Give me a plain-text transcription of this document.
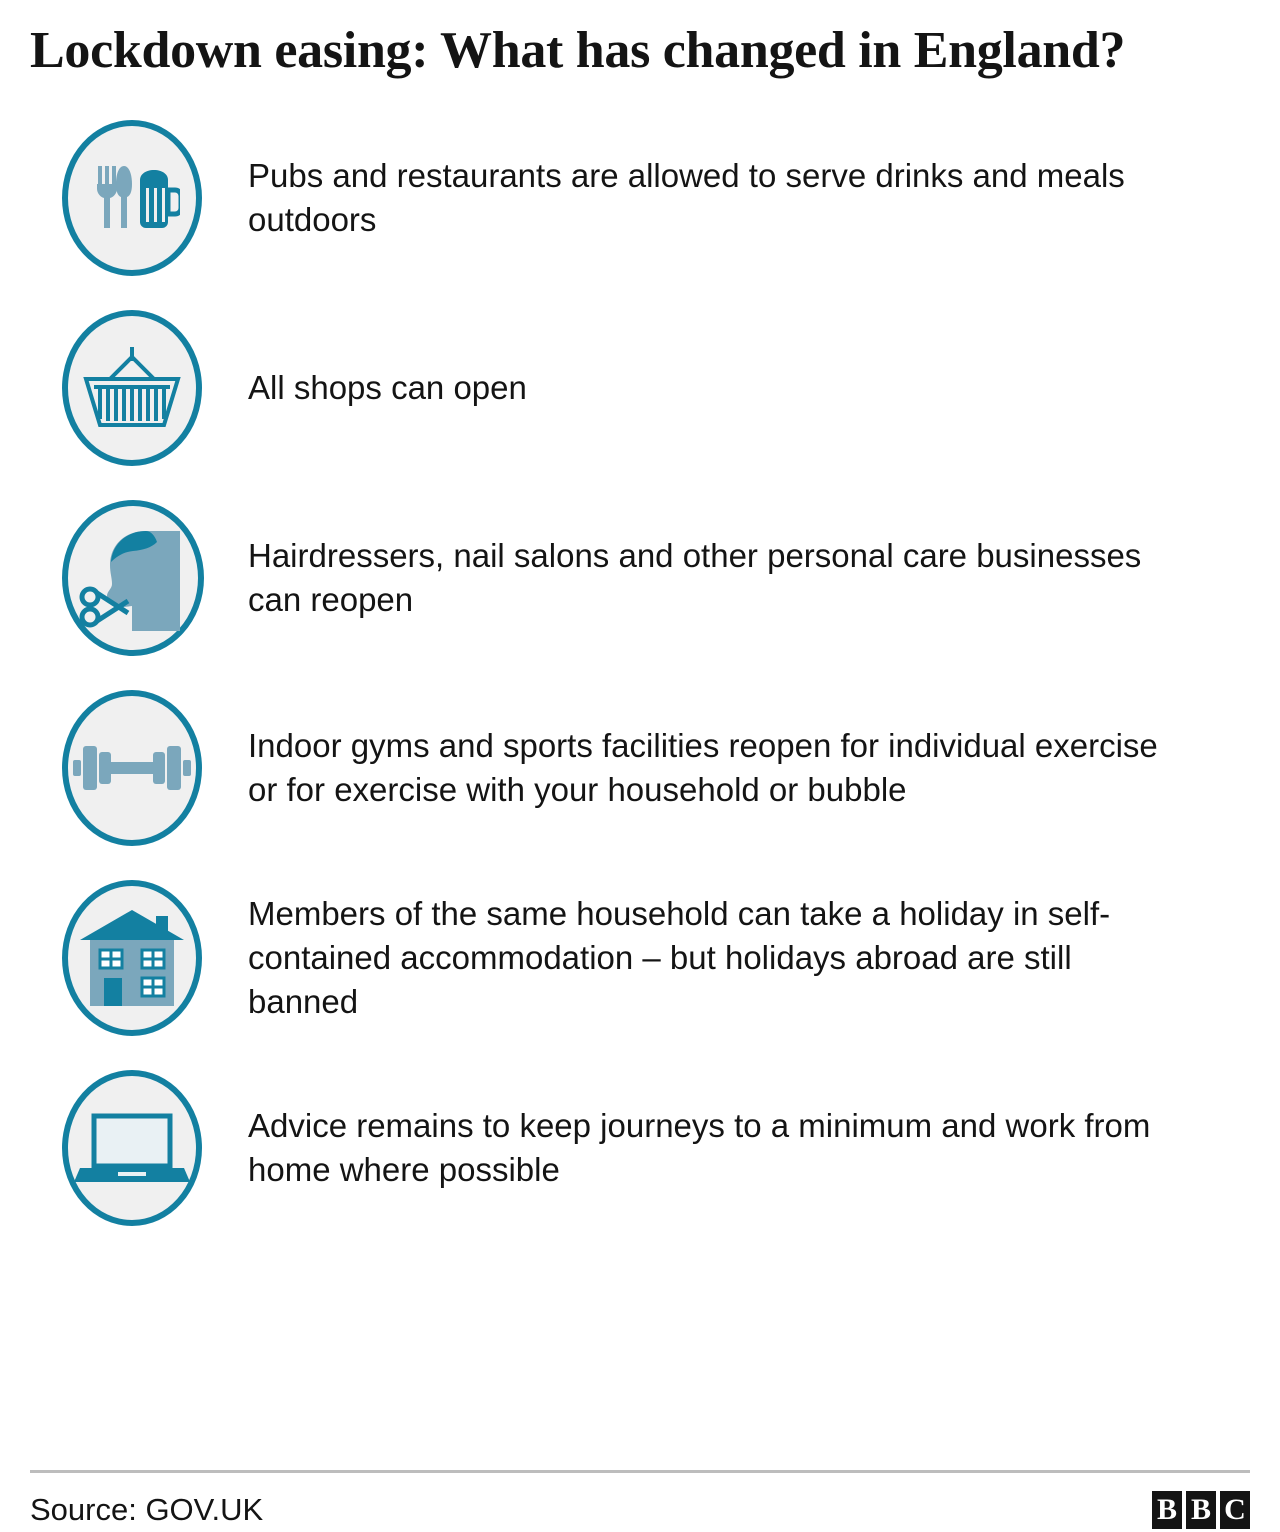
Lockdown easing: What has changed in England?
Pubs and restaurants are allowed to serve drinks and meals outdoors
All shops can open
Hairdressers, nail salons and other personal care businesses can reopen
Indoor gyms and sports facilities reopen for individual exercise or for exercise with your household or bubble
Members of the same household can take a holiday in self-contained accommodation – but holidays abroad are still banned
Advice remains to keep journeys to a minimum and work from home where possible
Source: GOV.UK	B B C
